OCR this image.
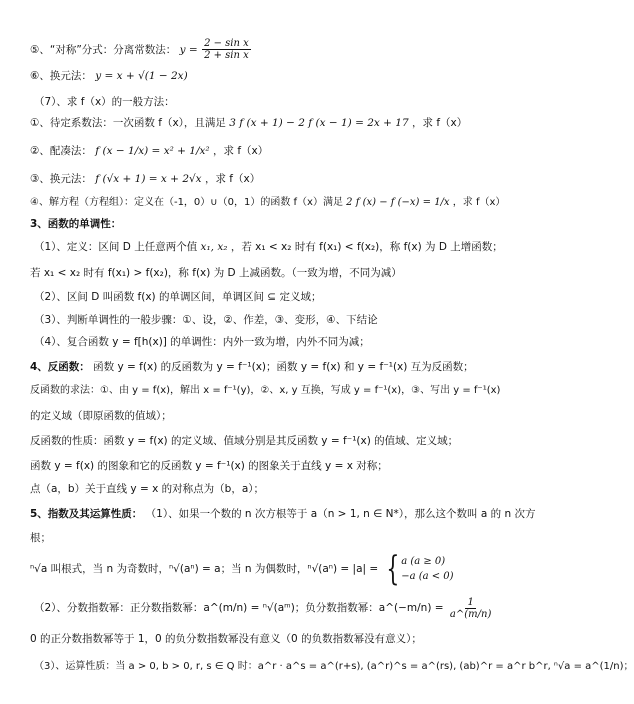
⑤、“对称”分式：分离常数法： $y = \frac{\text{2 − sin x}}{\text{2 + sin x}}$
⑥、换元法： y = x + √(1 − 2x)
（7）、求 f（x）的一般方法：
①、待定系数法：一次函数 f（x），且满足 3 f (x + 1) − 2 f (x − 1) = 2x + 17 ，求 f（x）
②、配凑法： f (x − 1/x) = x² + 1/x² ，求 f（x）
③、换元法： f (√x + 1) = x + 2√x ，求 f（x）
④、解方程（方程组）：定义在（-1，0）∪（0，1）的函数 f（x）满足 2 f (x) − f (−x) = 1/x ，求 f（x）
3、函数的单调性：
（1）、定义：区间 D 上任意两个值 x₁, x₂ ，若 x₁ < x₂ 时有 f(x₁) < f(x₂)，称 f(x) 为 D 上增函数；
若 x₁ < x₂ 时有 f(x₁) > f(x₂)，称 f(x) 为 D 上减函数。（一致为增，不同为减）
（2）、区间 D 叫函数 f(x) 的单调区间，单调区间 ⊆ 定义域；
（3）、判断单调性的一般步骤：①、设，②、作差，③、变形，④、下结论
（4）、复合函数 y = f[h(x)] 的单调性：内外一致为增，内外不同为减；
4、反函数： 函数 y = f(x) 的反函数为 y = f⁻¹(x)；函数 y = f(x) 和 y = f⁻¹(x) 互为反函数；
反函数的求法：①、由 y = f(x)，解出 x = f⁻¹(y)，②、x, y 互换，写成 y = f⁻¹(x)，③、写出 y = f⁻¹(x)
的定义域（即原函数的值域）；
反函数的性质：函数 y = f(x) 的定义域、值域分别是其反函数 y = f⁻¹(x) 的值域、定义域；
函数 y = f(x) 的图象和它的反函数 y = f⁻¹(x) 的图象关于直线 y = x 对称；
点（a，b）关于直线 y = x 的对称点为（b，a）；
5、指数及其运算性质： （1）、如果一个数的 n 次方根等于 a（n > 1, n ∈ N*），那么这个数叫 a 的 n 次方
根；
ⁿ√a 叫根式，当 n 为奇数时，ⁿ√(aⁿ) = a；当 n 为偶数时，ⁿ√(aⁿ) = |a| = { a (a ≥ 0)
−a (a < 0)
（2）、分数指数幂：正分数指数幂：a^(m/n) = ⁿ√(aᵐ)；负分数指数幂：a^(−m/n) = $\frac{1}{a\^{}(m/n)}$
0 的正分数指数幂等于 1，0 的负分数指数幂没有意义（0 的负数指数幂没有意义）；
（3）、运算性质：当 a > 0, b > 0, r, s ∈ Q 时：a^r · a^s = a^(r+s), (a^r)^s = a^(rs), (ab)^r = a^r b^r, ⁿ√a = a^(1/n)；
